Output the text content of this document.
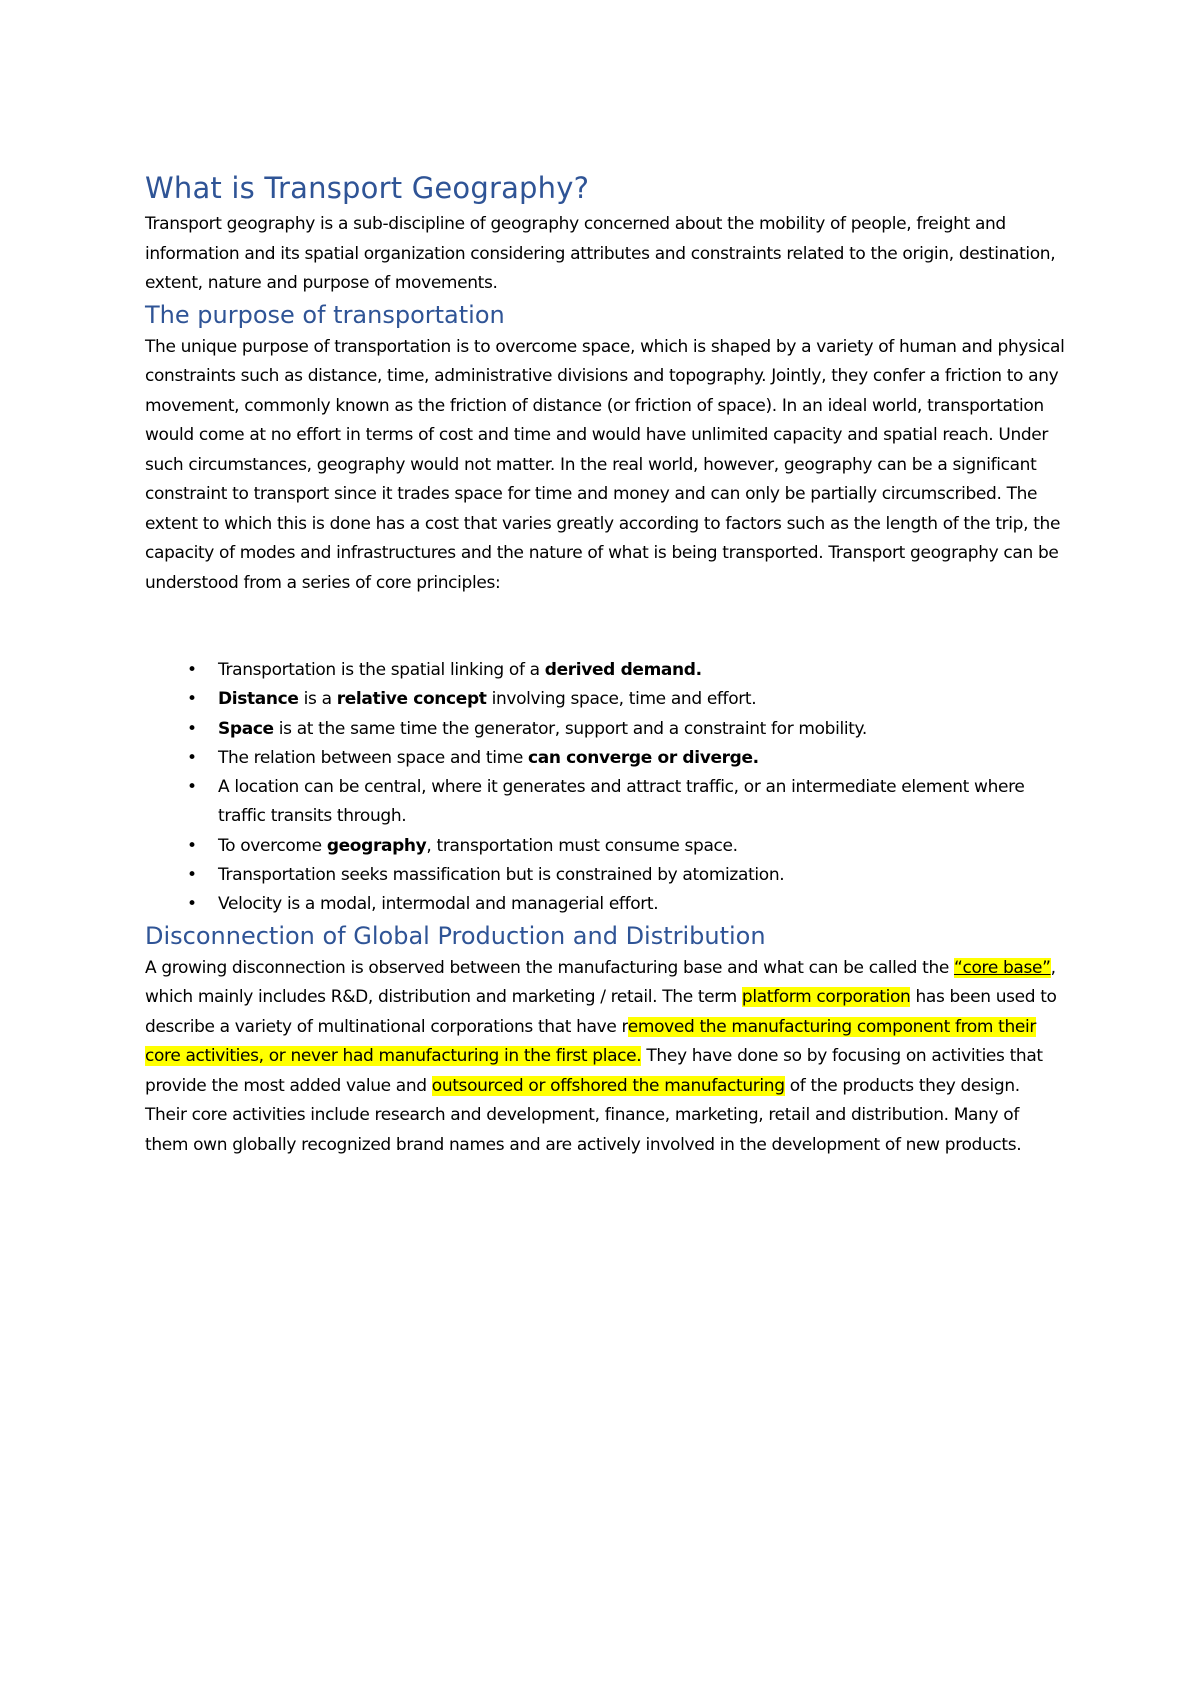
What is Transport Geography?

Transport geography is a sub-discipline of geography concerned about the mobility of people, freight and information and its spatial organization considering attributes and constraints related to the origin, destination, extent, nature and purpose of movements.

The purpose of transportation

The unique purpose of transportation is to overcome space, which is shaped by a variety of human and physical constraints such as distance, time, administrative divisions and topography. Jointly, they confer a friction to any movement, commonly known as the friction of distance (or friction of space). In an ideal world, transportation would come at no effort in terms of cost and time and would have unlimited capacity and spatial reach. Under such circumstances, geography would not matter. In the real world, however, geography can be a significant constraint to transport since it trades space for time and money and can only be partially circumscribed. The extent to which this is done has a cost that varies greatly according to factors such as the length of the trip, the capacity of modes and infrastructures and the nature of what is being transported. Transport geography can be understood from a series of core principles:

• Transportation is the spatial linking of a derived demand.
• Distance is a relative concept involving space, time and effort.
• Space is at the same time the generator, support and a constraint for mobility.
• The relation between space and time can converge or diverge.
• A location can be central, where it generates and attract traffic, or an intermediate element where traffic transits through.
• To overcome geography, transportation must consume space.
• Transportation seeks massification but is constrained by atomization.
• Velocity is a modal, intermodal and managerial effort.
Disconnection of Global Production and Distribution

A growing disconnection is observed between the manufacturing base and what can be called the “core base”, which mainly includes R&D, distribution and marketing / retail. The term platform corporation has been used to describe a variety of multinational corporations that have removed the manufacturing component from their core activities, or never had manufacturing in the first place. They have done so by focusing on activities that provide the most added value and outsourced or offshored the manufacturing of the products they design. Their core activities include research and development, finance, marketing, retail and distribution. Many of them own globally recognized brand names and are actively involved in the development of new products.
